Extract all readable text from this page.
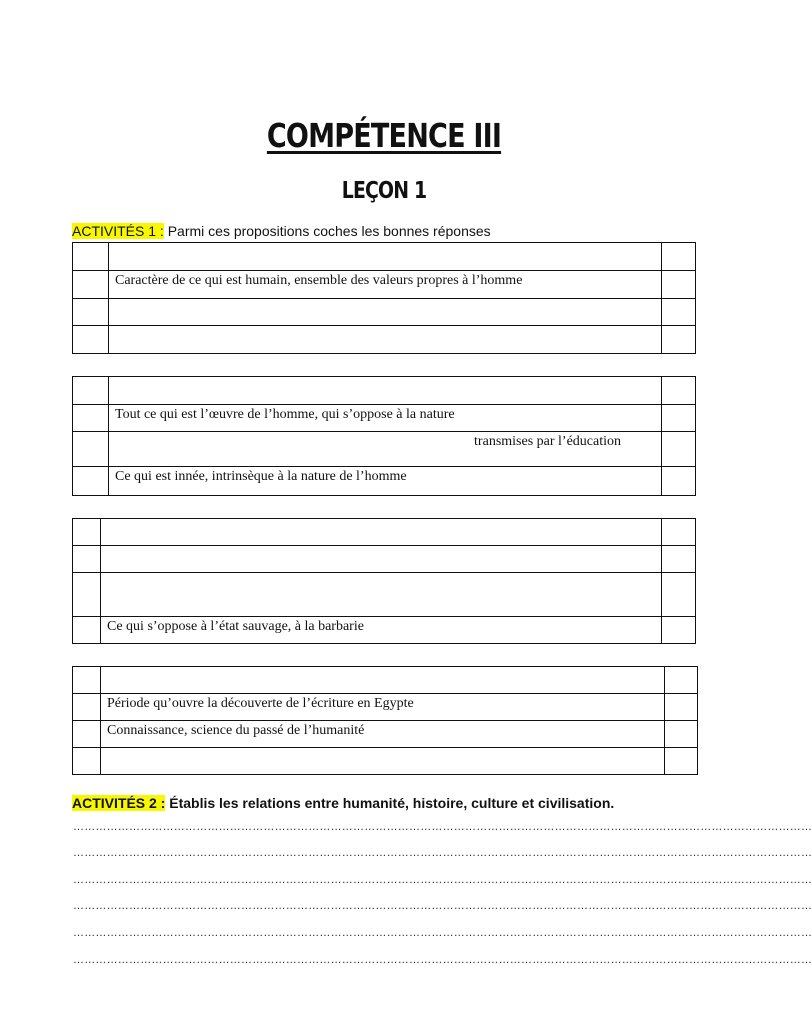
COMPÉTENCE III
LEÇON 1
ACTIVITÉS 1 : Parmi ces propositions coches les bonnes réponses

	Caractère de ce qui est humain, ensemble des valeurs propres à l’homme	

	Tout ce qui est l’œuvre de l’homme, qui s’oppose à la nature	
	transmises par l’éducation	
	Ce qui est innée, intrinsèque à la nature de l’homme	

	Ce qui s’oppose à l’état sauvage, à la barbarie	

	Période qu’ouvre la découverte de l’écriture en Egypte	
	Connaissance, science du passé de l’humanité	

ACTIVITÉS 2 : Établis les relations entre humanité, histoire, culture et civilisation.
………………………………………………………………………………………………………………………………………………………………………………
………………………………………………………………………………………………………………………………………………………………………………
………………………………………………………………………………………………………………………………………………………………………………
………………………………………………………………………………………………………………………………………………………………………………
………………………………………………………………………………………………………………………………………………………………………………
………………………………………………………………………………………………………………………………………………………………………………
